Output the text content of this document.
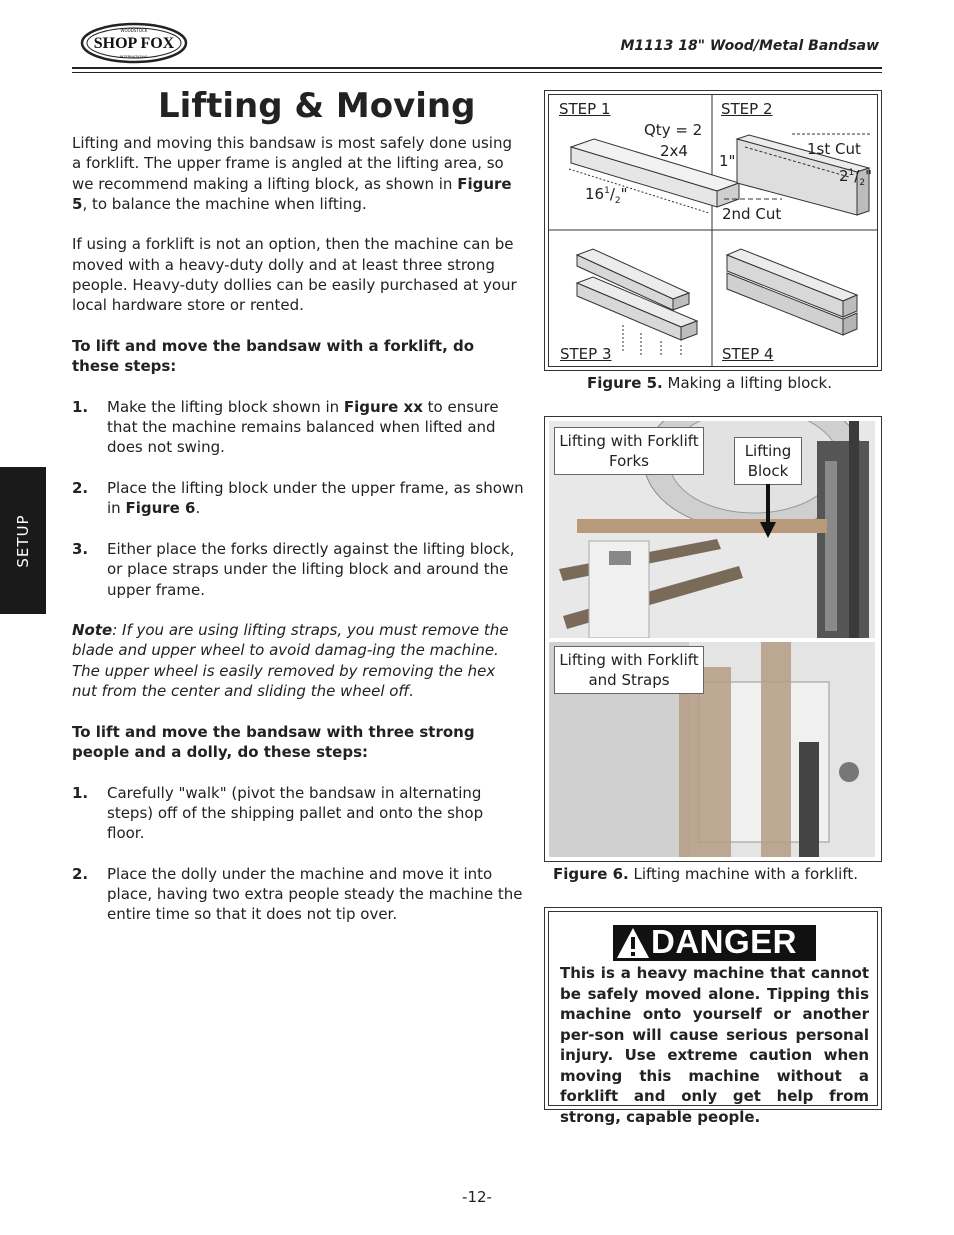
SHOP FOX
WOODSTOCK
INTERNATIONAL
M1113 18" Wood/Metal Bandsaw
SETUP
Lifting & Moving

Lifting and moving this bandsaw is most safely done using a forklift. The upper frame is angled at the lifting area, so we recommend making a lifting block, as shown in Figure 5, to balance the machine when lifting.

If using a forklift is not an option, then the machine can be moved with a heavy-duty dolly and at least three strong people. Heavy-duty dollies can be easily purchased at your local hardware store or rented.

To lift and move the bandsaw with a forklift, do these steps:

1.	Make the lifting block shown in Figure xx to ensure that the machine remains balanced when lifted and does not swing.
2.	Place the lifting block under the upper frame, as shown in Figure 6.
3.	Either place the forks directly against the lifting block, or place straps under the lifting block and around the upper frame.

Note: If you are using lifting straps, you must remove the blade and upper wheel to avoid damag-ing the machine. The upper wheel is easily removed by removing the hex nut from the center and sliding the wheel off.

To lift and move the bandsaw with three strong people and a dolly, do these steps:

1.	Carefully "walk" (pivot the bandsaw in alternating steps) off of the shipping pallet and onto the shop floor.
2.	Place the dolly under the machine and move it into place, having two extra people steady the machine the entire time so that it does not tip over.
STEP 1	STEP 2
Qty = 2
2x4
$16^1/_2$"
1"
1st Cut
$2^1/_2$"
2nd Cut
STEP 3	STEP 4
Figure 5. Making a lifting block.
Lifting with Forklift Forks
Lifting Block
Lifting with Forklift and Straps
Figure 6. Lifting machine with a forklift.
DANGER
This is a heavy machine that cannot be safely moved alone. Tipping this machine onto yourself or another per-son will cause serious personal injury. Use extreme caution when moving this machine without a forklift and only get help from strong, capable people.
-12-
